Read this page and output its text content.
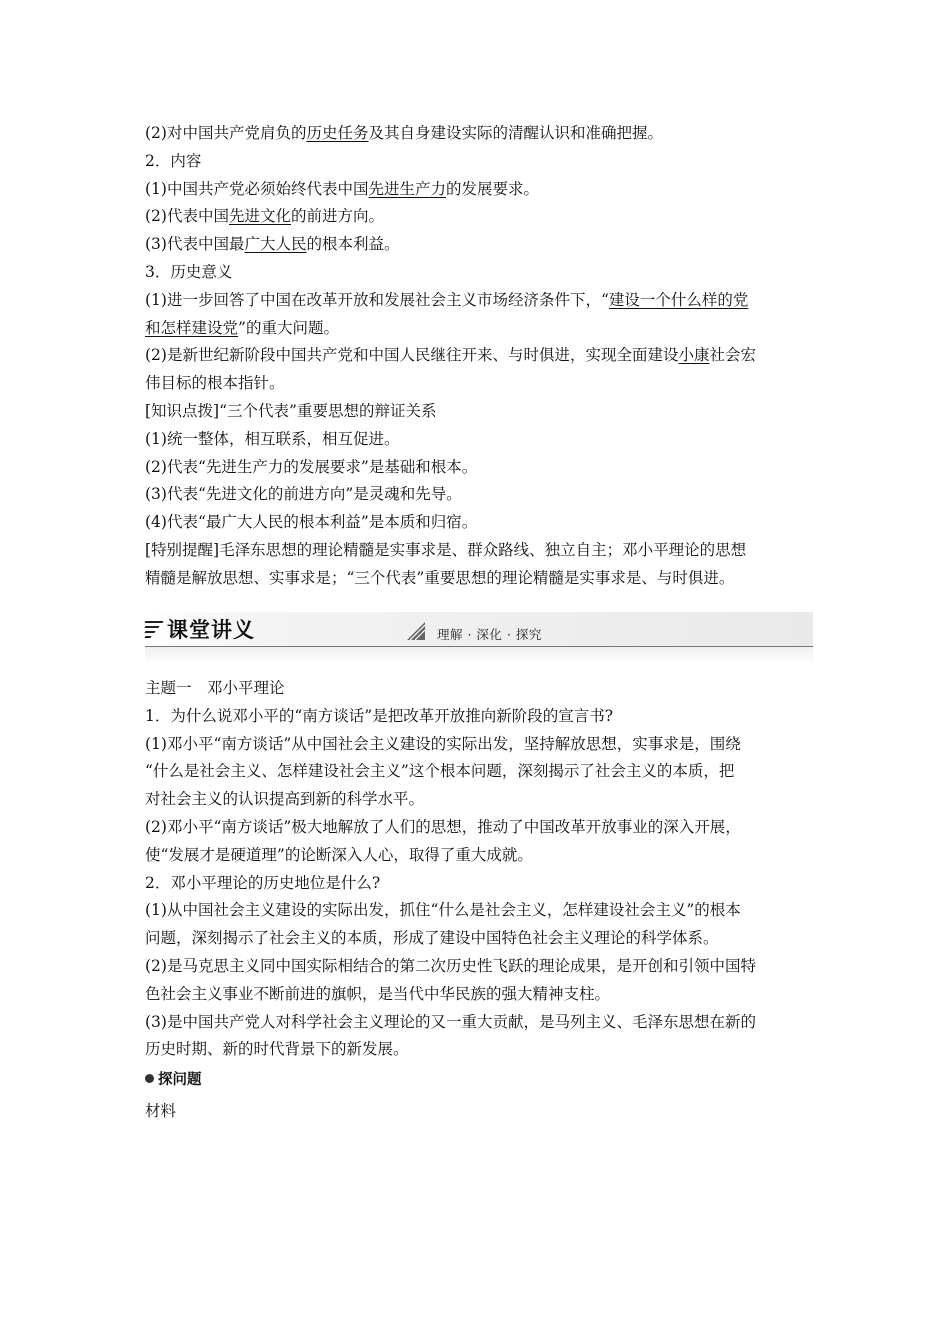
(2)对中国共产党肩负的历史任务及其自身建设实际的清醒认识和准确把握。
2．内容
(1)中国共产党必须始终代表中国先进生产力的发展要求。
(2)代表中国先进文化的前进方向。
(3)代表中国最广大人民的根本利益。
3．历史意义
(1)进一步回答了中国在改革开放和发展社会主义市场经济条件下，“建设一个什么样的党
和怎样建设党”的重大问题。
(2)是新世纪新阶段中国共产党和中国人民继往开来、与时俱进，实现全面建设小康社会宏
伟目标的根本指针。
[知识点拨]“三个代表”重要思想的辩证关系
(1)统一整体，相互联系，相互促进。
(2)代表“先进生产力的发展要求”是基础和根本。
(3)代表“先进文化的前进方向”是灵魂和先导。
(4)代表“最广大人民的根本利益”是本质和归宿。
[特别提醒]毛泽东思想的理论精髓是实事求是、群众路线、独立自主；邓小平理论的思想
精髓是解放思想、实事求是；“三个代表”重要思想的理论精髓是实事求是、与时俱进。
课堂讲义	理解 · 深化 · 探究
主题一　邓小平理论
1．为什么说邓小平的“南方谈话”是把改革开放推向新阶段的宣言书?
(1)邓小平“南方谈话”从中国社会主义建设的实际出发，坚持解放思想，实事求是，围绕
“什么是社会主义、怎样建设社会主义”这个根本问题，深刻揭示了社会主义的本质，把
对社会主义的认识提高到新的科学水平。
(2)邓小平“南方谈话”极大地解放了人们的思想，推动了中国改革开放事业的深入开展，
使“发展才是硬道理”的论断深入人心，取得了重大成就。
2．邓小平理论的历史地位是什么?
(1)从中国社会主义建设的实际出发，抓住“什么是社会主义，怎样建设社会主义”的根本
问题，深刻揭示了社会主义的本质，形成了建设中国特色社会主义理论的科学体系。
(2)是马克思主义同中国实际相结合的第二次历史性飞跃的理论成果，是开创和引领中国特
色社会主义事业不断前进的旗帜，是当代中华民族的强大精神支柱。
(3)是中国共产党人对科学社会主义理论的又一重大贡献，是马列主义、毛泽东思想在新的
历史时期、新的时代背景下的新发展。
探问题
材料
